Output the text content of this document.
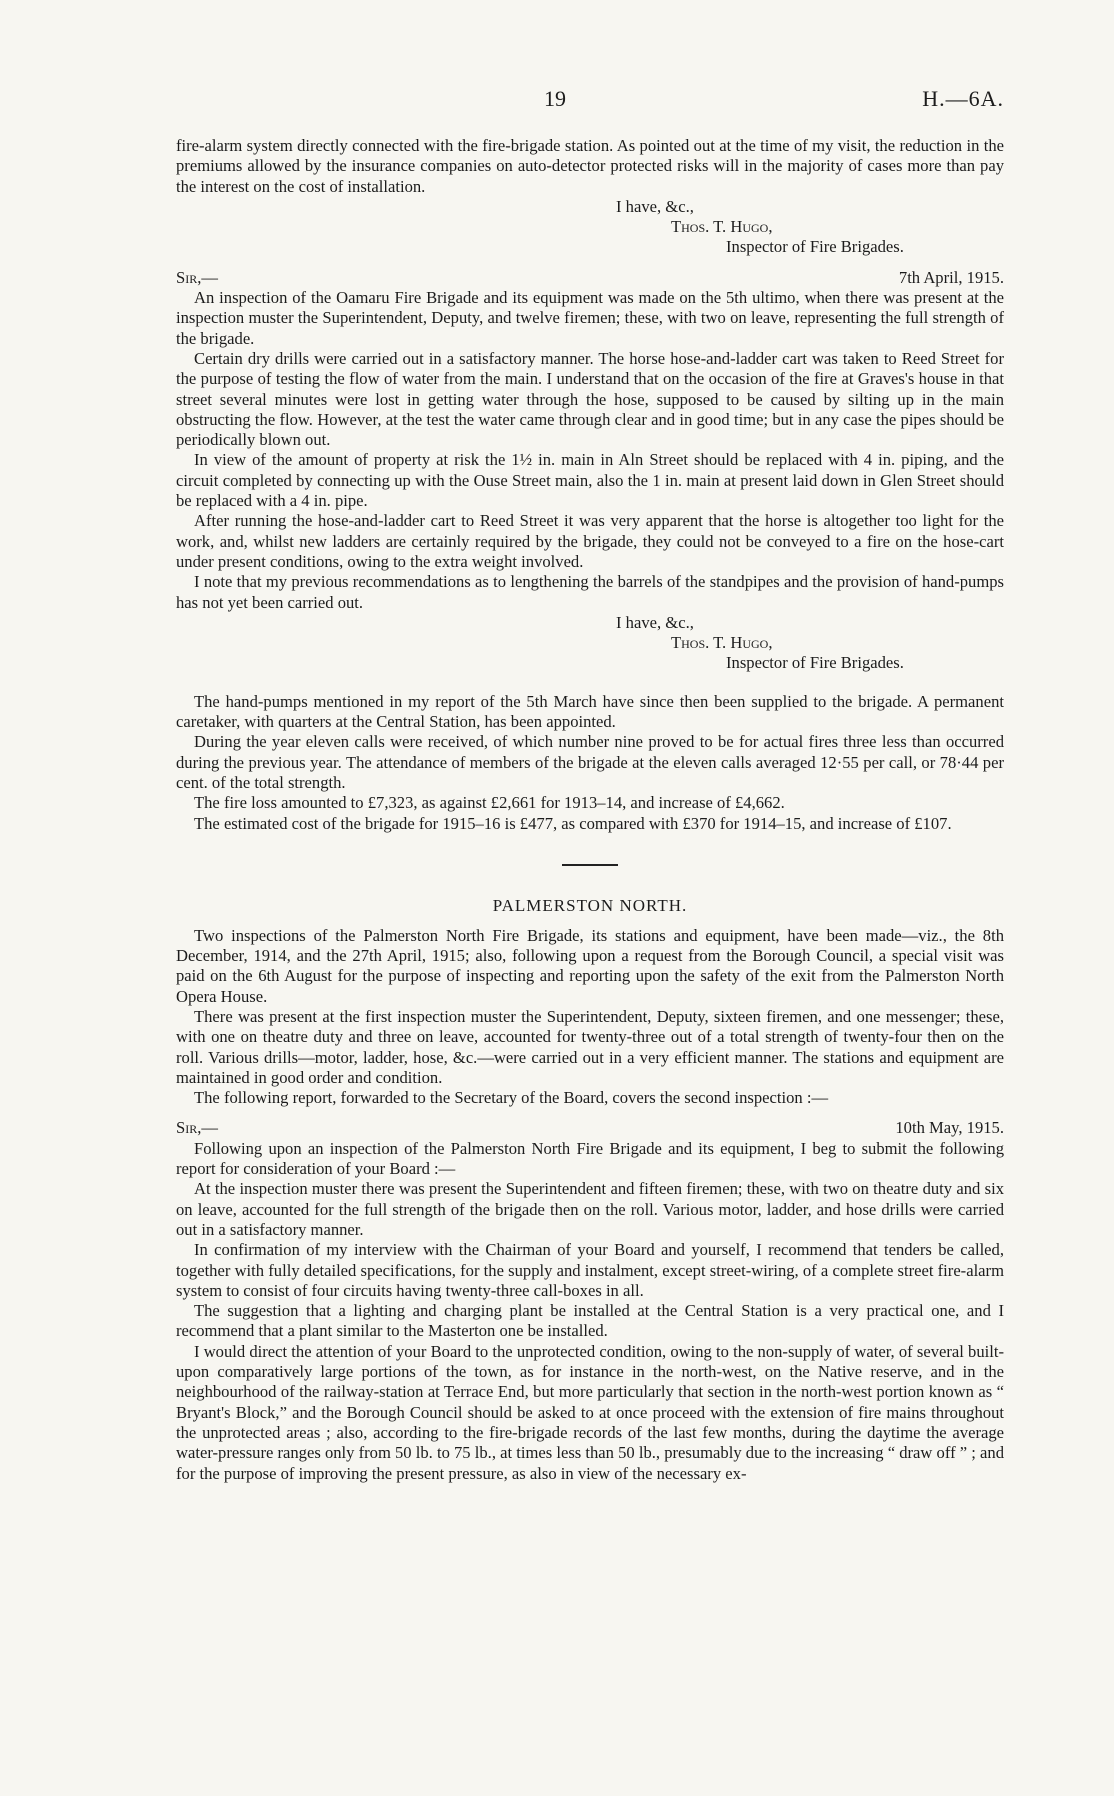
19	H.—6A.

fire-alarm system directly connected with the fire-brigade station. As pointed out at the time of my visit, the reduction in the premiums allowed by the insurance companies on auto-detector protected risks will in the majority of cases more than pay the interest on the cost of installation.

I have, &c.,
Thos. T. Hugo,
Inspector of Fire Brigades.
Sir,—	7th April, 1915.

An inspection of the Oamaru Fire Brigade and its equipment was made on the 5th ultimo, when there was present at the inspection muster the Superintendent, Deputy, and twelve firemen; these, with two on leave, representing the full strength of the brigade.

Certain dry drills were carried out in a satisfactory manner. The horse hose-and-ladder cart was taken to Reed Street for the purpose of testing the flow of water from the main. I understand that on the occasion of the fire at Graves's house in that street several minutes were lost in getting water through the hose, supposed to be caused by silting up in the main obstructing the flow. However, at the test the water came through clear and in good time; but in any case the pipes should be periodically blown out.

In view of the amount of property at risk the 1½ in. main in Aln Street should be replaced with 4 in. piping, and the circuit completed by connecting up with the Ouse Street main, also the 1 in. main at present laid down in Glen Street should be replaced with a 4 in. pipe.

After running the hose-and-ladder cart to Reed Street it was very apparent that the horse is altogether too light for the work, and, whilst new ladders are certainly required by the brigade, they could not be conveyed to a fire on the hose-cart under present conditions, owing to the extra weight involved.

I note that my previous recommendations as to lengthening the barrels of the standpipes and the provision of hand-pumps has not yet been carried out.

I have, &c.,
Thos. T. Hugo,
Inspector of Fire Brigades.

The hand-pumps mentioned in my report of the 5th March have since then been supplied to the brigade. A permanent caretaker, with quarters at the Central Station, has been appointed.

During the year eleven calls were received, of which number nine proved to be for actual fires three less than occurred during the previous year. The attendance of members of the brigade at the eleven calls averaged 12·55 per call, or 78·44 per cent. of the total strength.

The fire loss amounted to £7,323, as against £2,661 for 1913–14, and increase of £4,662.

The estimated cost of the brigade for 1915–16 is £477, as compared with £370 for 1914–15, and increase of £107.

PALMERSTON NORTH.

Two inspections of the Palmerston North Fire Brigade, its stations and equipment, have been made—viz., the 8th December, 1914, and the 27th April, 1915; also, following upon a request from the Borough Council, a special visit was paid on the 6th August for the purpose of inspecting and reporting upon the safety of the exit from the Palmerston North Opera House.

There was present at the first inspection muster the Superintendent, Deputy, sixteen firemen, and one messenger; these, with one on theatre duty and three on leave, accounted for twenty-three out of a total strength of twenty-four then on the roll. Various drills—motor, ladder, hose, &c.—were carried out in a very efficient manner. The stations and equipment are maintained in good order and condition.

The following report, forwarded to the Secretary of the Board, covers the second inspection :—

Sir,—	10th May, 1915.

Following upon an inspection of the Palmerston North Fire Brigade and its equipment, I beg to submit the following report for consideration of your Board :—

At the inspection muster there was present the Superintendent and fifteen firemen; these, with two on theatre duty and six on leave, accounted for the full strength of the brigade then on the roll. Various motor, ladder, and hose drills were carried out in a satisfactory manner.

In confirmation of my interview with the Chairman of your Board and yourself, I recommend that tenders be called, together with fully detailed specifications, for the supply and instalment, except street-wiring, of a complete street fire-alarm system to consist of four circuits having twenty-three call-boxes in all.

The suggestion that a lighting and charging plant be installed at the Central Station is a very practical one, and I recommend that a plant similar to the Masterton one be installed.

I would direct the attention of your Board to the unprotected condition, owing to the non-supply of water, of several built-upon comparatively large portions of the town, as for instance in the north-west, on the Native reserve, and in the neighbourhood of the railway-station at Terrace End, but more particularly that section in the north-west portion known as “ Bryant's Block,” and the Borough Council should be asked to at once proceed with the extension of fire mains throughout the unprotected areas ; also, according to the fire-brigade records of the last few months, during the daytime the average water-pressure ranges only from 50 lb. to 75 lb., at times less than 50 lb., presumably due to the increasing “ draw off ” ; and for the purpose of improving the present pressure, as also in view of the necessary ex-
